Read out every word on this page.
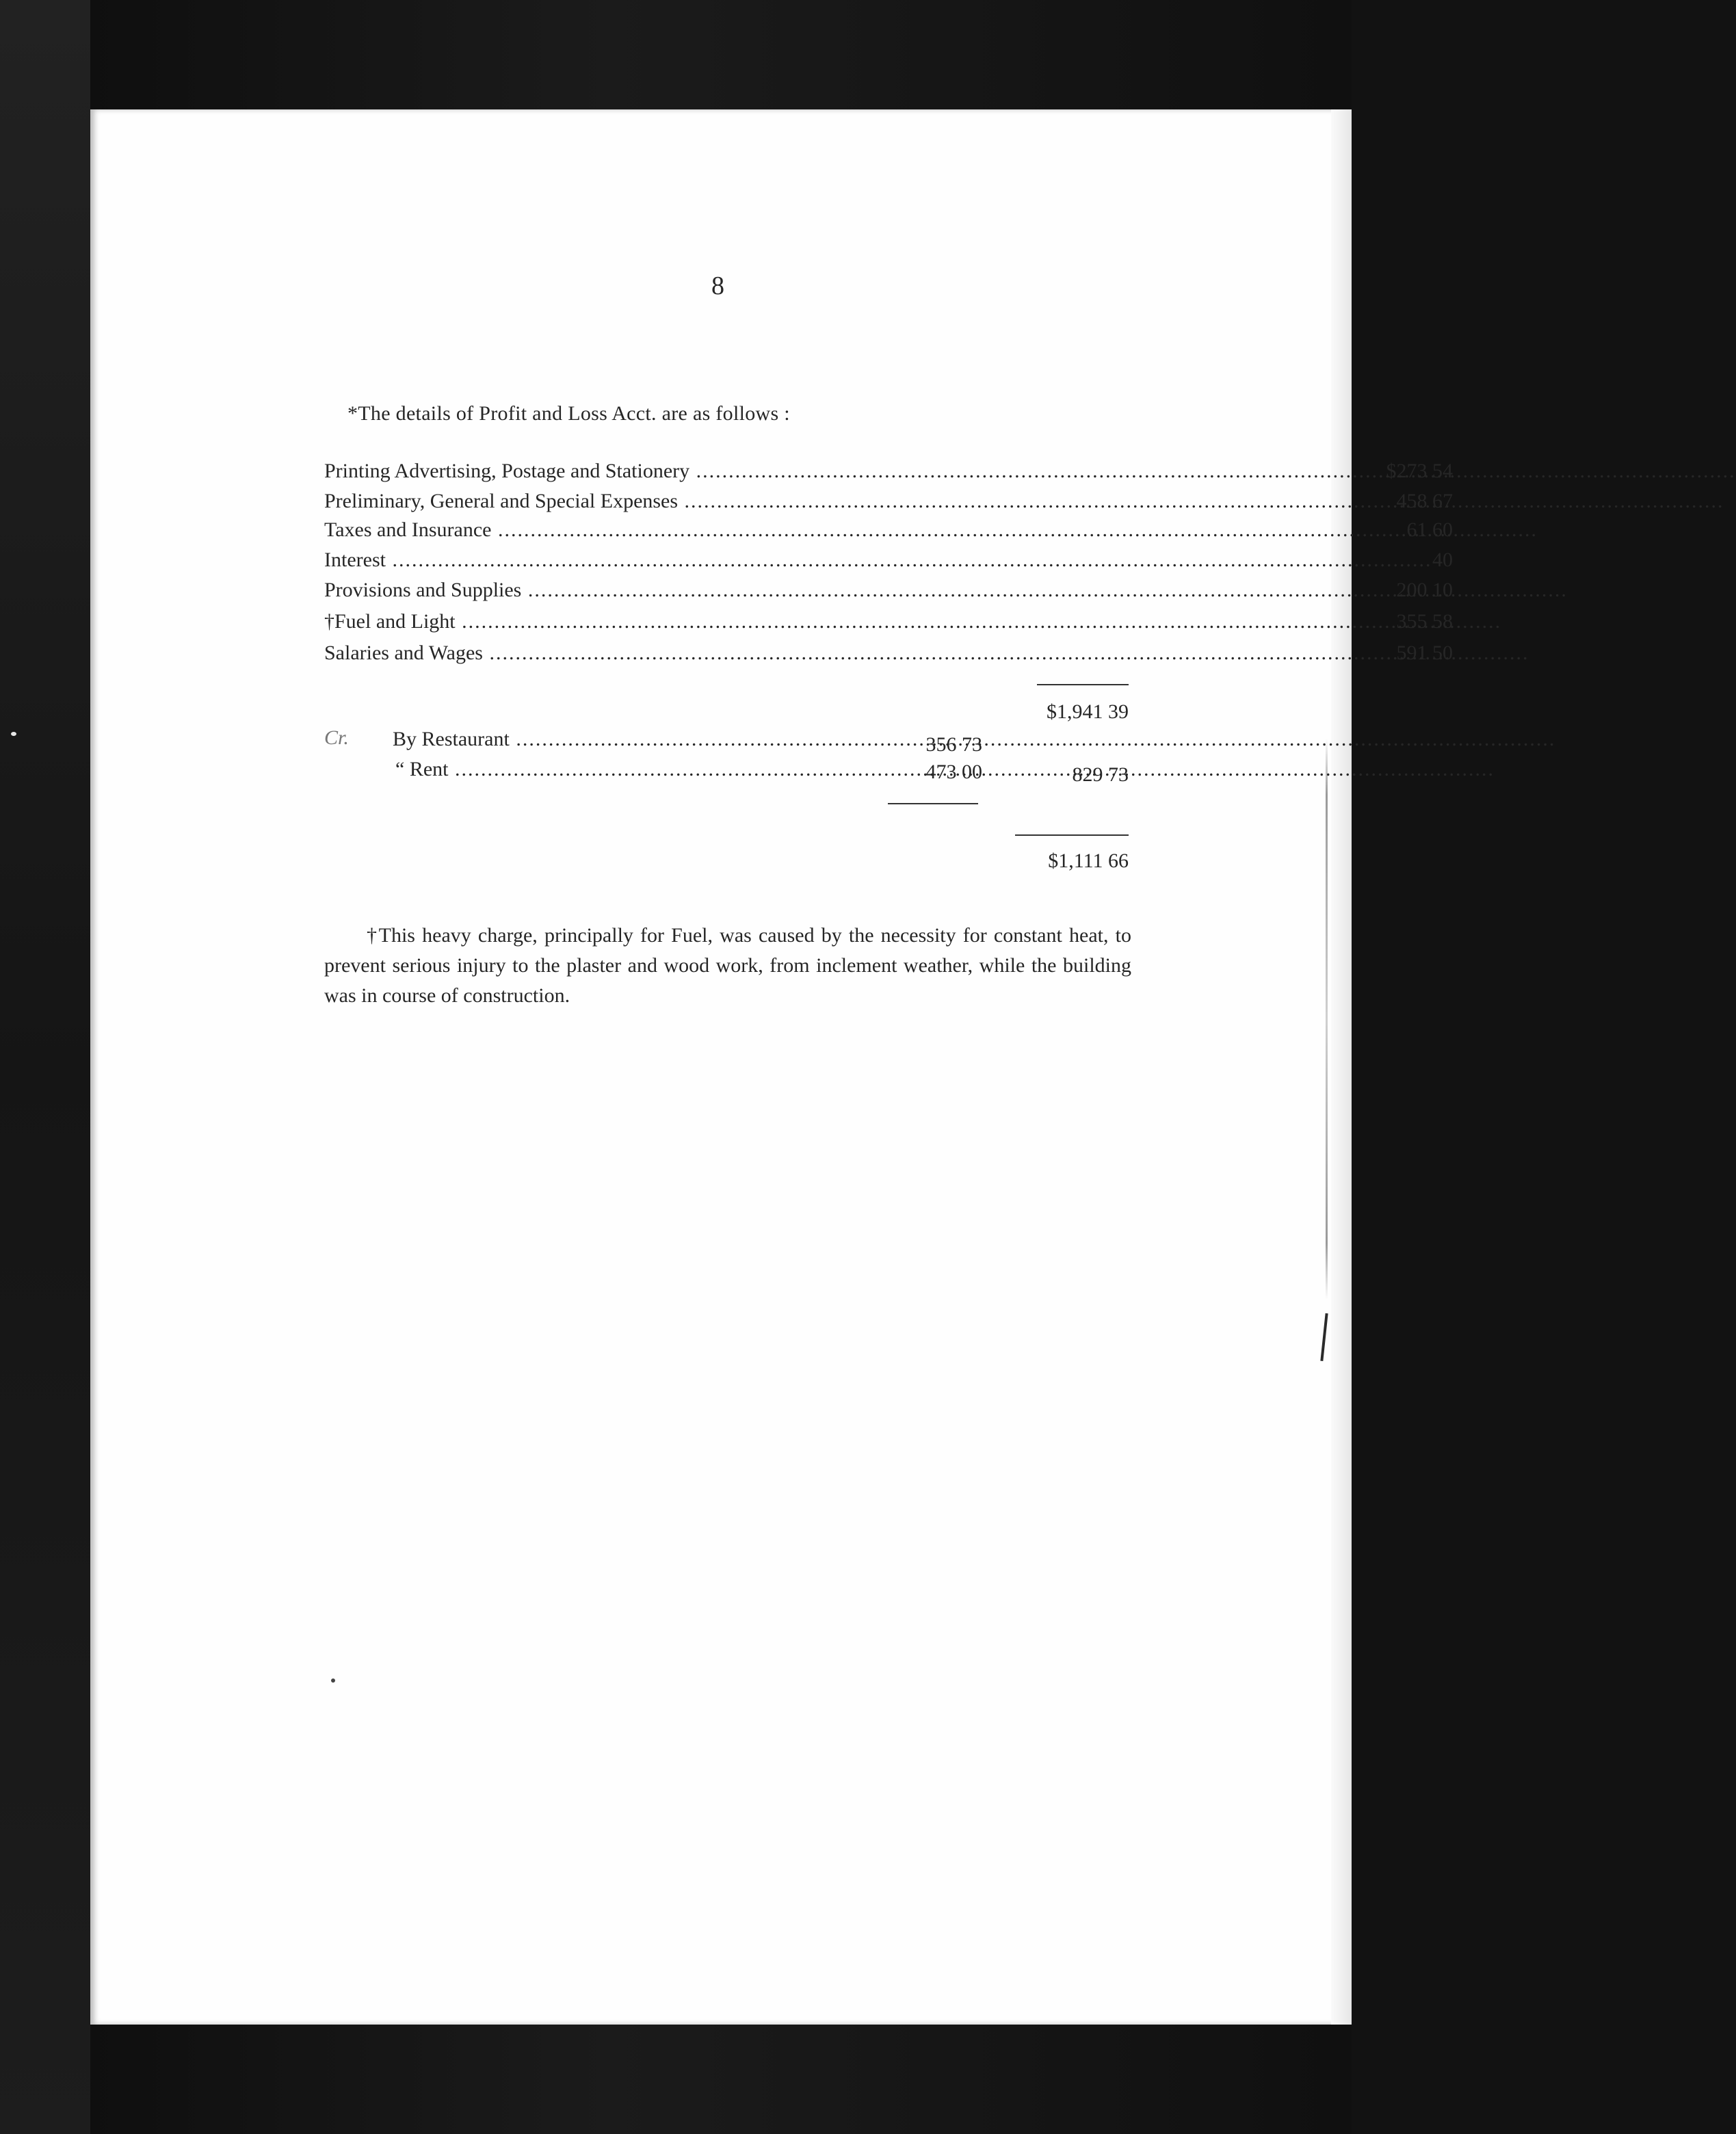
8
*The details of Profit and Loss Acct. are as follows :
Printing Advertising, Postage and Stationery .....	$273 54
Preliminary, General and Special Expenses .....	458 67
Taxes and Insurance .....	61 60
Interest .....	40
Provisions and Supplies .....	200 10
†Fuel and Light .....	355 58
Salaries and Wages .....	591 50
$1,941 39
Cr. By Restaurant .....	356 73
“ Rent .....	473 00	829 73
$1,111 66
†This heavy charge, principally for Fuel, was caused by the necessity for constant heat, to prevent serious injury to the plaster and wood work, from inclement weather, while the building was in course of construction.
